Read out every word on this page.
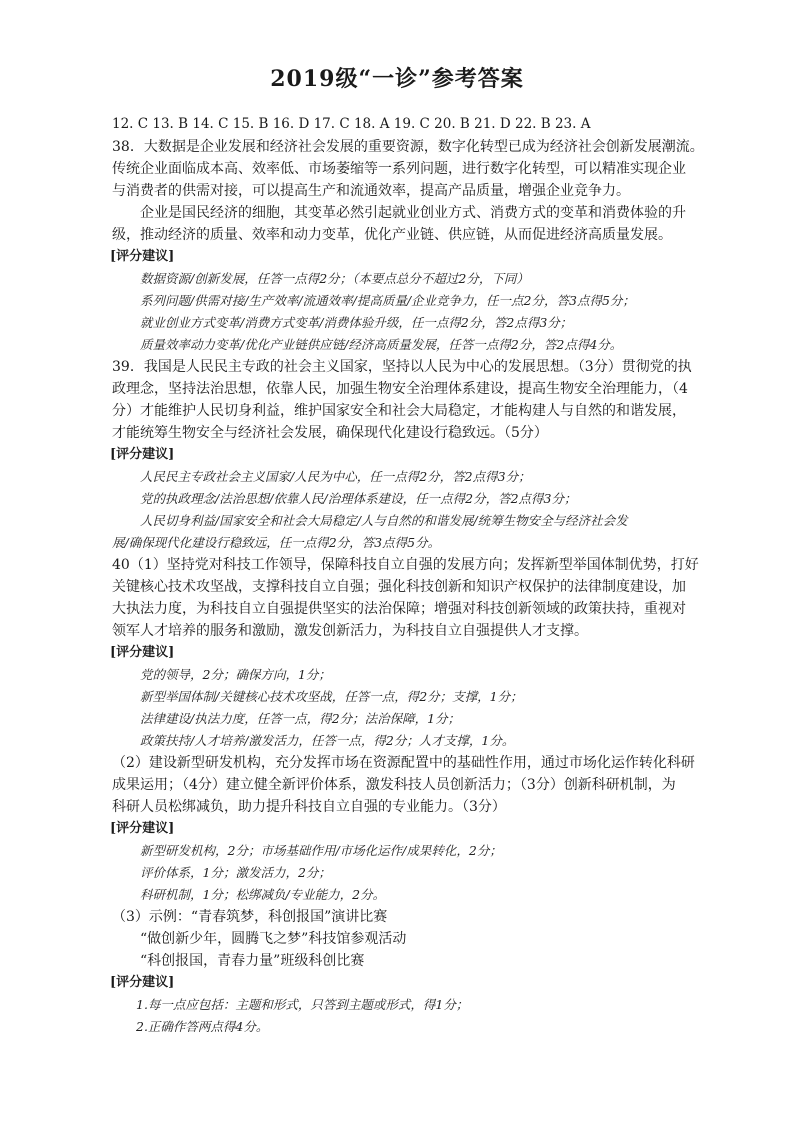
2019级“一诊”参考答案
12. C 13. B 14. C 15. B 16. D 17. C 18. A 19. C 20. B 21. D 22. B 23. A
38．大数据是企业发展和经济社会发展的重要资源，数字化转型已成为经济社会创新发展潮流。
传统企业面临成本高、效率低、市场萎缩等一系列问题，进行数字化转型，可以精准实现企业
与消费者的供需对接，可以提高生产和流通效率，提高产品质量，增强企业竞争力。
企业是国民经济的细胞，其变革必然引起就业创业方式、消费方式的变革和消费体验的升
级，推动经济的质量、效率和动力变革，优化产业链、供应链，从而促进经济高质量发展。
[评分建议]
数据资源/创新发展，任答一点得2分；（本要点总分不超过2分，下同）
系列问题/供需对接/生产效率/流通效率/提高质量/企业竞争力，任一点2分，答3点得5分；
就业创业方式变革/消费方式变革/消费体验升级，任一点得2分，答2点得3分；
质量效率动力变革/优化产业链供应链/经济高质量发展，任答一点得2分，答2点得4分。
39．我国是人民民主专政的社会主义国家，坚持以人民为中心的发展思想。（3分）贯彻党的执
政理念，坚持法治思想，依靠人民，加强生物安全治理体系建设，提高生物安全治理能力，（4
分）才能维护人民切身利益，维护国家安全和社会大局稳定，才能构建人与自然的和谐发展，
才能统筹生物安全与经济社会发展，确保现代化建设行稳致远。（5分）
[评分建议]
人民民主专政社会主义国家/人民为中心，任一点得2分，答2点得3分；
党的执政理念/法治思想/依靠人民/治理体系建设，任一点得2分，答2点得3分；
人民切身利益/国家安全和社会大局稳定/人与自然的和谐发展/统筹生物安全与经济社会发
展/确保现代化建设行稳致远，任一点得2分，答3点得5分。
40（1）坚持党对科技工作领导，保障科技自立自强的发展方向；发挥新型举国体制优势，打好
关键核心技术攻坚战，支撑科技自立自强；强化科技创新和知识产权保护的法律制度建设，加
大执法力度，为科技自立自强提供坚实的法治保障；增强对科技创新领域的政策扶持，重视对
领军人才培养的服务和激励，激发创新活力，为科技自立自强提供人才支撑。
[评分建议]
党的领导，2分；确保方向，1分；
新型举国体制/关键核心技术攻坚战，任答一点，得2分；支撑，1分；
法律建设/执法力度，任答一点，得2分；法治保障，1分；
政策扶持/人才培养/激发活力，任答一点，得2分；人才支撑，1分。
（2）建设新型研发机构，充分发挥市场在资源配置中的基础性作用，通过市场化运作转化科研
成果运用；（4分）建立健全新评价体系，激发科技人员创新活力；（3分）创新科研机制，为
科研人员松绑减负，助力提升科技自立自强的专业能力。（3分）
[评分建议]
新型研发机构，2分；市场基础作用/市场化运作/成果转化，2分；
评价体系，1分；激发活力，2分；
科研机制，1分；松绑减负/专业能力，2分。
（3）示例：“青春筑梦，科创报国”演讲比赛
“做创新少年，圆腾飞之梦”科技馆参观活动
“科创报国，青春力量”班级科创比赛
[评分建议]
1.每一点应包括：主题和形式，只答到主题或形式，得1分；
2.正确作答两点得4分。
